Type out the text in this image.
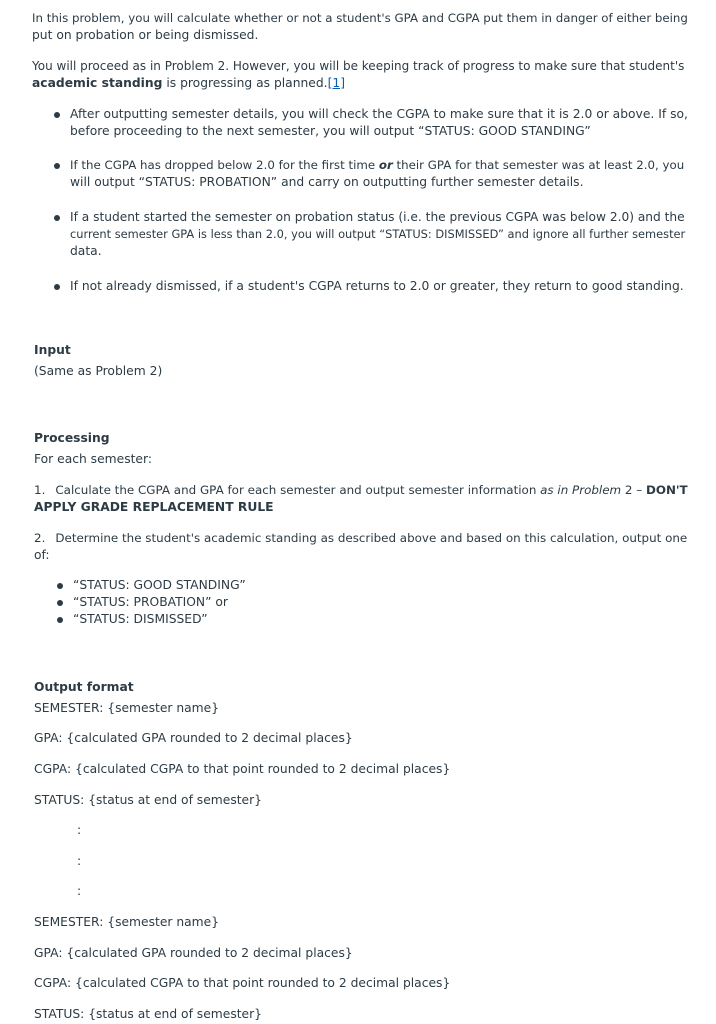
In this problem, you will calculate whether or not a student's GPA and CGPA put them in danger of either being
put on probation or being dismissed.
You will proceed as in Problem 2. However, you will be keeping track of progress to make sure that student's
academic standing is progressing as planned.[1]
After outputting semester details, you will check the CGPA to make sure that it is 2.0 or above. If so,
before proceeding to the next semester, you will output “STATUS: GOOD STANDING”
If the CGPA has dropped below 2.0 for the first time or their GPA for that semester was at least 2.0, you
will output “STATUS: PROBATION” and carry on outputting further semester details.
If a student started the semester on probation status (i.e. the previous CGPA was below 2.0) and the
current semester GPA is less than 2.0, you will output “STATUS: DISMISSED” and ignore all further semester
data.
If not already dismissed, if a student's CGPA returns to 2.0 or greater, they return to good standing.
Input
(Same as Problem 2)
Processing
For each semester:
1. Calculate the CGPA and GPA for each semester and output semester information as in Problem 2 – DON'T
APPLY GRADE REPLACEMENT RULE
2. Determine the student's academic standing as described above and based on this calculation, output one
of:
“STATUS: GOOD STANDING”
“STATUS: PROBATION” or
“STATUS: DISMISSED”
Output format
SEMESTER: {semester name}
GPA: {calculated GPA rounded to 2 decimal places}
CGPA: {calculated CGPA to that point rounded to 2 decimal places}
STATUS: {status at end of semester}
:
:
:
SEMESTER: {semester name}
GPA: {calculated GPA rounded to 2 decimal places}
CGPA: {calculated CGPA to that point rounded to 2 decimal places}
STATUS: {status at end of semester}
